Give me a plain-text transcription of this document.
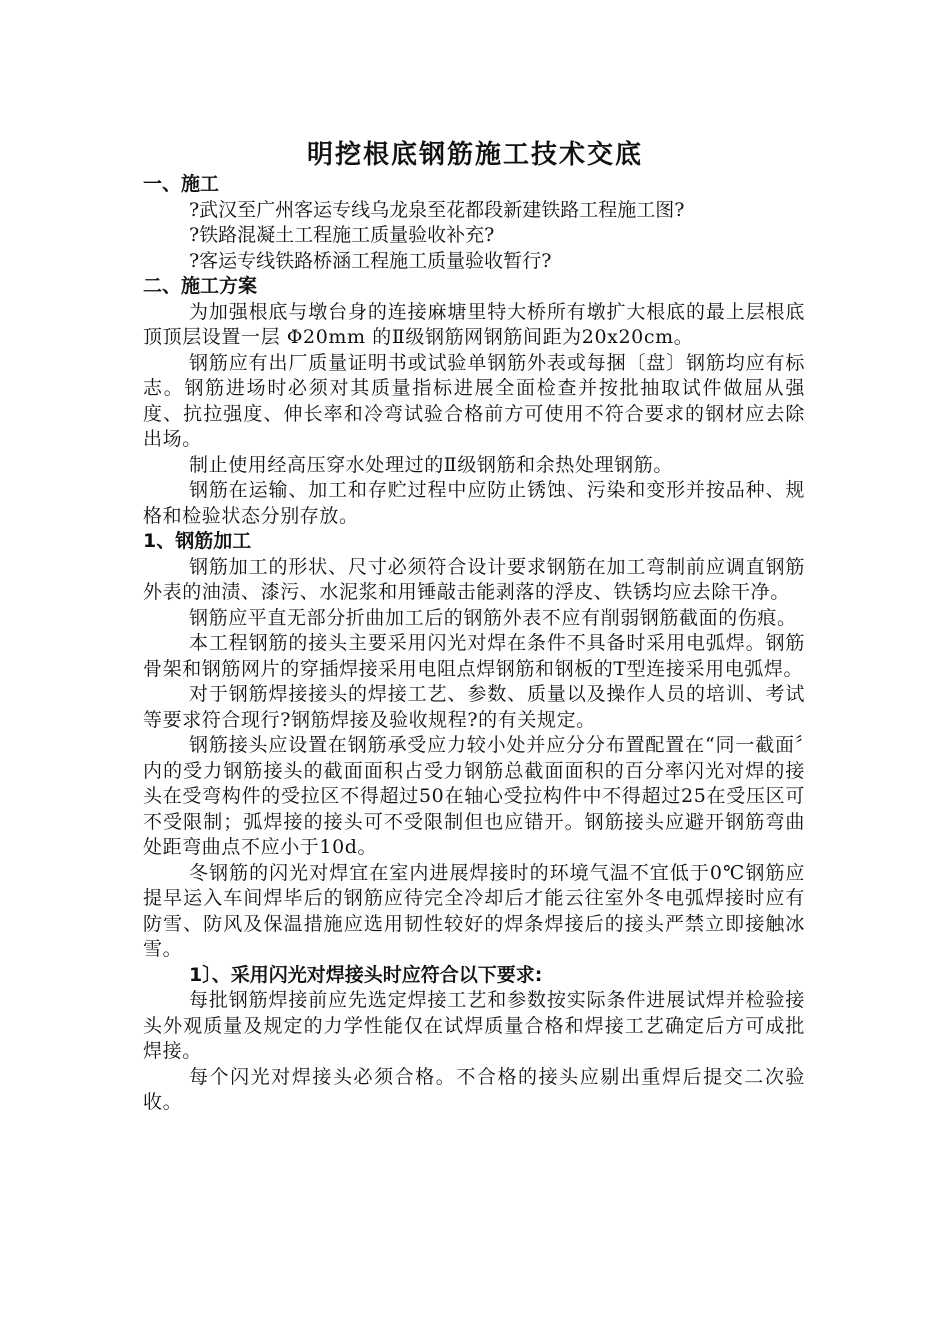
明挖根底钢筋施工技术交底
一、施工
?武汉至广州客运专线乌龙泉至花都段新建铁路工程施工图?
?铁路混凝土工程施工质量验收补充?
?客运专线铁路桥涵工程施工质量验收暂行?
二、施工方案
为加强根底与墩台身的连接麻塘里特大桥所有墩扩大根底的最上层根底顶顶层设置一层 Φ20mm 的Ⅱ级钢筋网钢筋间距为20x20cm。
钢筋应有出厂质量证明书或试验单钢筋外表或每捆〔盘〕钢筋均应有标志。钢筋进场时必须对其质量指标进展全面检查并按批抽取试件做屈从强度、抗拉强度、伸长率和冷弯试验合格前方可使用不符合要求的钢材应去除出场。
制止使用经高压穿水处理过的Ⅱ级钢筋和余热处理钢筋。
钢筋在运输、加工和存贮过程中应防止锈蚀、污染和变形并按品种、规格和检验状态分别存放。
1、钢筋加工
钢筋加工的形状、尺寸必须符合设计要求钢筋在加工弯制前应调直钢筋外表的油渍、漆污、水泥浆和用锤敲击能剥落的浮皮、铁锈均应去除干净。
钢筋应平直无部分折曲加工后的钢筋外表不应有削弱钢筋截面的伤痕。
本工程钢筋的接头主要采用闪光对焊在条件不具备时采用电弧焊。钢筋骨架和钢筋网片的穿插焊接采用电阻点焊钢筋和钢板的T型连接采用电弧焊。
对于钢筋焊接接头的焊接工艺、参数、质量以及操作人员的培训、考试等要求符合现行?钢筋焊接及验收规程?的有关规定。
钢筋接头应设置在钢筋承受应力较小处并应分分布置配置在“同一截面〞内的受力钢筋接头的截面面积占受力钢筋总截面面积的百分率闪光对焊的接头在受弯构件的受拉区不得超过50在轴心受拉构件中不得超过25在受压区可不受限制；弧焊接的接头可不受限制但也应错开。钢筋接头应避开钢筋弯曲处距弯曲点不应小于10d。
冬钢筋的闪光对焊宜在室内进展焊接时的环境气温不宜低于0℃钢筋应提早运入车间焊毕后的钢筋应待完全冷却后才能云往室外冬电弧焊接时应有防雪、防风及保温措施应选用韧性较好的焊条焊接后的接头严禁立即接触冰雪。
1〕、采用闪光对焊接头时应符合以下要求:
每批钢筋焊接前应先选定焊接工艺和参数按实际条件进展试焊并检验接头外观质量及规定的力学性能仅在试焊质量合格和焊接工艺确定后方可成批焊接。
每个闪光对焊接头必须合格。不合格的接头应剔出重焊后提交二次验收。
